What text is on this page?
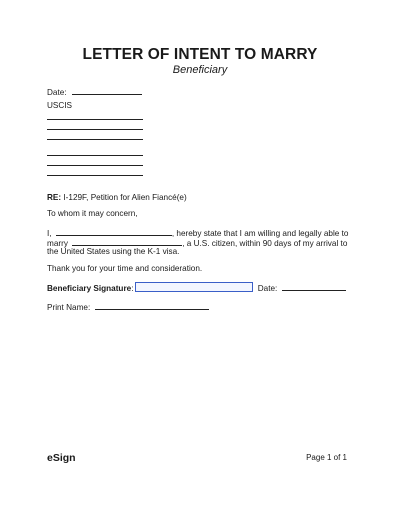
LETTER OF INTENT TO MARRY
Beneficiary
Date:
USCIS
RE: I-129F, Petition for Alien Fiancé(e)
To whom it may concern,
I,	, hereby state that I am willing and legally able to
marry	, a U.S. citizen, within 90 days of my arrival to
the United States using the K-1 visa.
Thank you for your time and consideration.
Beneficiary Signature:	Date:
Print Name:
eSign	Page 1 of 1
